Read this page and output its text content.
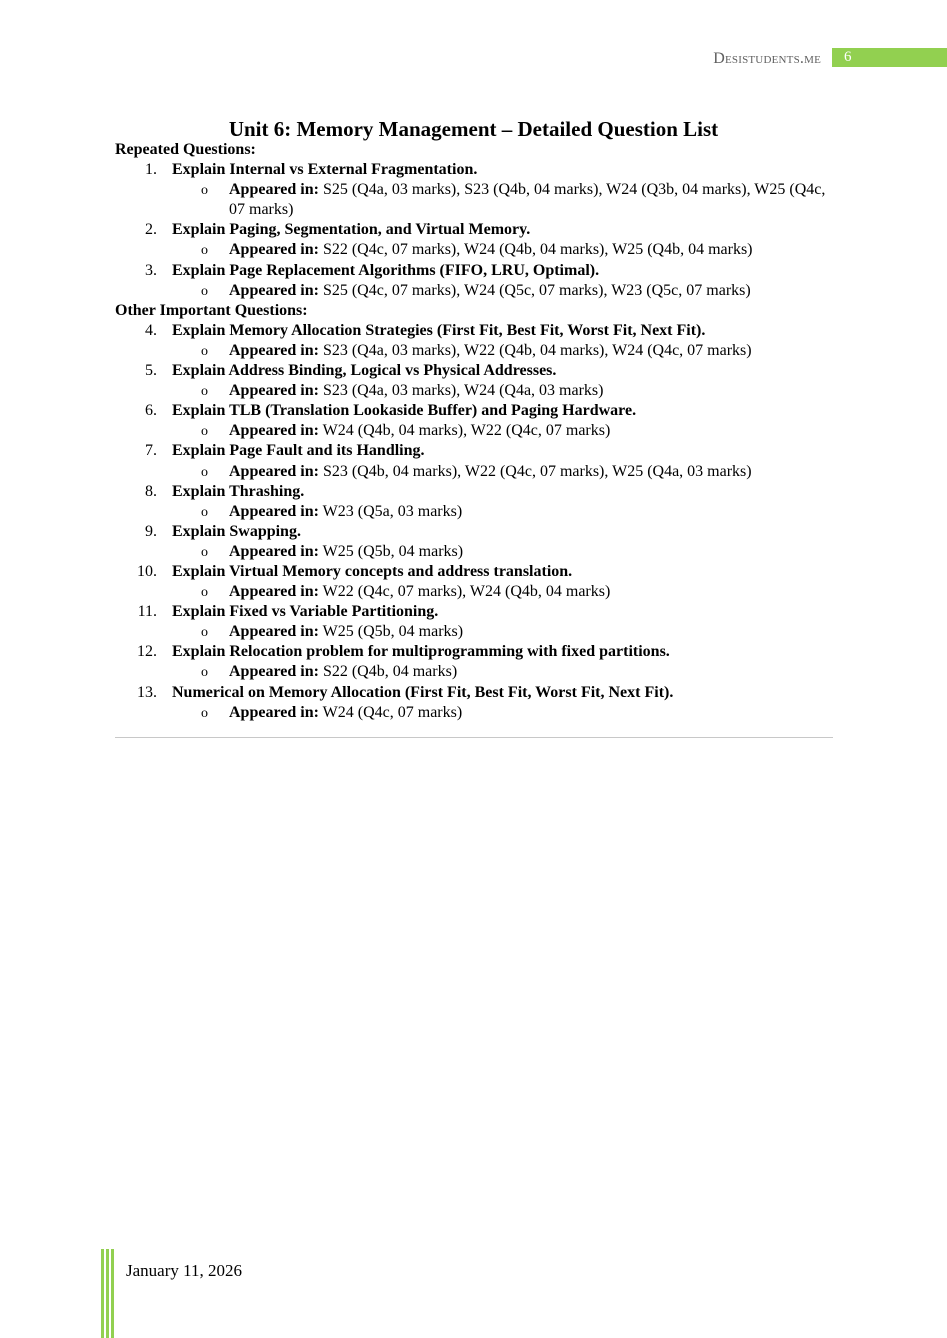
Desistudents.me	6
Unit 6: Memory Management – Detailed Question List
Repeated Questions:
1. Explain Internal vs External Fragmentation.
o Appeared in: S25 (Q4a, 03 marks), S23 (Q4b, 04 marks), W24 (Q3b, 04 marks), W25 (Q4c, 07 marks)
2. Explain Paging, Segmentation, and Virtual Memory.
o Appeared in: S22 (Q4c, 07 marks), W24 (Q4b, 04 marks), W25 (Q4b, 04 marks)
3. Explain Page Replacement Algorithms (FIFO, LRU, Optimal).
o Appeared in: S25 (Q4c, 07 marks), W24 (Q5c, 07 marks), W23 (Q5c, 07 marks)
Other Important Questions:
4. Explain Memory Allocation Strategies (First Fit, Best Fit, Worst Fit, Next Fit).
o Appeared in: S23 (Q4a, 03 marks), W22 (Q4b, 04 marks), W24 (Q4c, 07 marks)
5. Explain Address Binding, Logical vs Physical Addresses.
o Appeared in: S23 (Q4a, 03 marks), W24 (Q4a, 03 marks)
6. Explain TLB (Translation Lookaside Buffer) and Paging Hardware.
o Appeared in: W24 (Q4b, 04 marks), W22 (Q4c, 07 marks)
7. Explain Page Fault and its Handling.
o Appeared in: S23 (Q4b, 04 marks), W22 (Q4c, 07 marks), W25 (Q4a, 03 marks)
8. Explain Thrashing.
o Appeared in: W23 (Q5a, 03 marks)
9. Explain Swapping.
o Appeared in: W25 (Q5b, 04 marks)
10. Explain Virtual Memory concepts and address translation.
o Appeared in: W22 (Q4c, 07 marks), W24 (Q4b, 04 marks)
11. Explain Fixed vs Variable Partitioning.
o Appeared in: W25 (Q5b, 04 marks)
12. Explain Relocation problem for multiprogramming with fixed partitions.
o Appeared in: S22 (Q4b, 04 marks)
13. Numerical on Memory Allocation (First Fit, Best Fit, Worst Fit, Next Fit).
o Appeared in: W24 (Q4c, 07 marks)
January 11, 2026
